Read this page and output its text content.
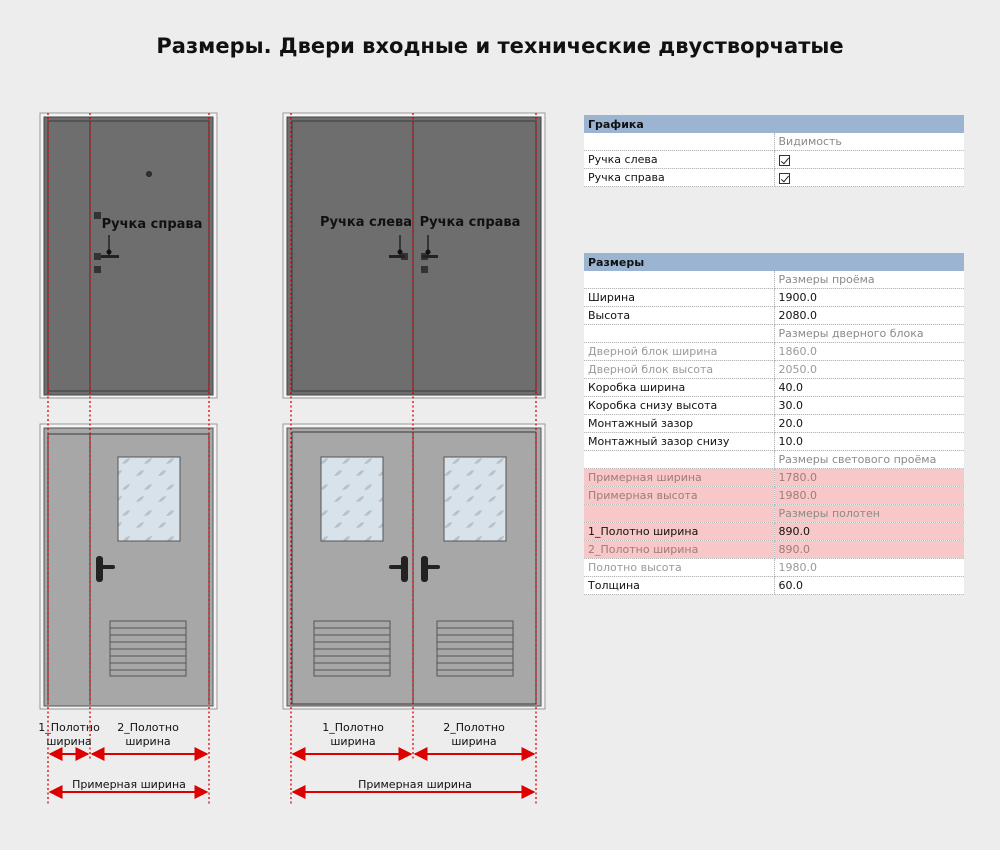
Размеры. Двери входные и технические двустворчатые
Ручка справа	Ручка слева Ручка справа
1_Полотно
ширина
2_Полотно
ширина
Примерная ширина
1_Полотно
ширина
2_Полотно
ширина
Примерная ширина
Графика	
	Видимость
Ручка слева	
Ручка справа	
Размеры	
	Размеры проёма
Ширина	1900.0
Высота	2080.0
	Размеры дверного блока
Дверной блок ширина	1860.0
Дверной блок высота	2050.0
Коробка ширина	40.0
Коробка снизу высота	30.0
Монтажный зазор	20.0
Монтажный зазор снизу	10.0
	Размеры светового проёма
Примерная ширина	1780.0
Примерная высота	1980.0
	Размеры полотен
1_Полотно ширина	890.0
2_Полотно ширина	890.0
Полотно высота	1980.0
Толщина	60.0
